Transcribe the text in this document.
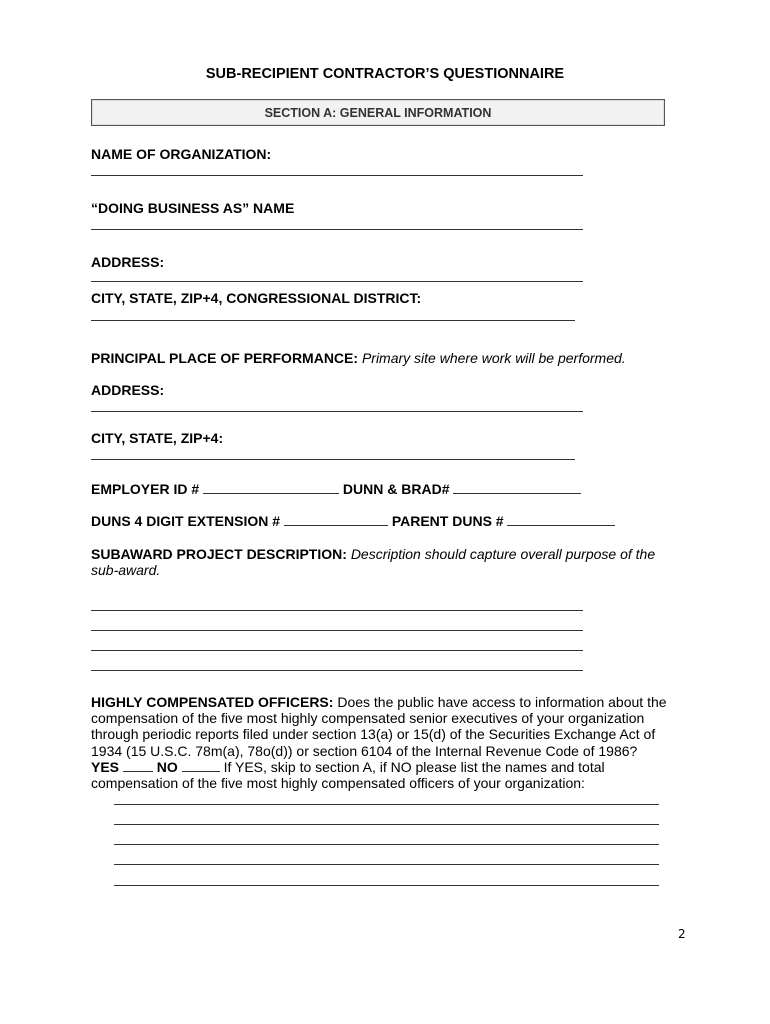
SUB-RECIPIENT CONTRACTOR’S QUESTIONNAIRE
SECTION A: GENERAL INFORMATION
NAME OF ORGANIZATION:
“DOING BUSINESS AS” NAME
ADDRESS:
CITY, STATE, ZIP+4, CONGRESSIONAL DISTRICT:
PRINCIPAL PLACE OF PERFORMANCE: Primary site where work will be performed.
ADDRESS:
CITY, STATE, ZIP+4:
EMPLOYER ID #	DUNN & BRAD#
DUNS 4 DIGIT EXTENSION #	PARENT DUNS #
SUBAWARD PROJECT DESCRIPTION: Description should capture overall purpose of the
sub-award.
HIGHLY COMPENSATED OFFICERS: Does the public have access to information about the
compensation of the five most highly compensated senior executives of your organization
through periodic reports filed under section 13(a) or 15(d) of the Securities Exchange Act of
1934 (15 U.S.C. 78m(a), 78o(d)) or section 6104 of the Internal Revenue Code of 1986?
YES	NO	If YES, skip to section A, if NO please list the names and total
compensation of the five most highly compensated officers of your organization:
2
